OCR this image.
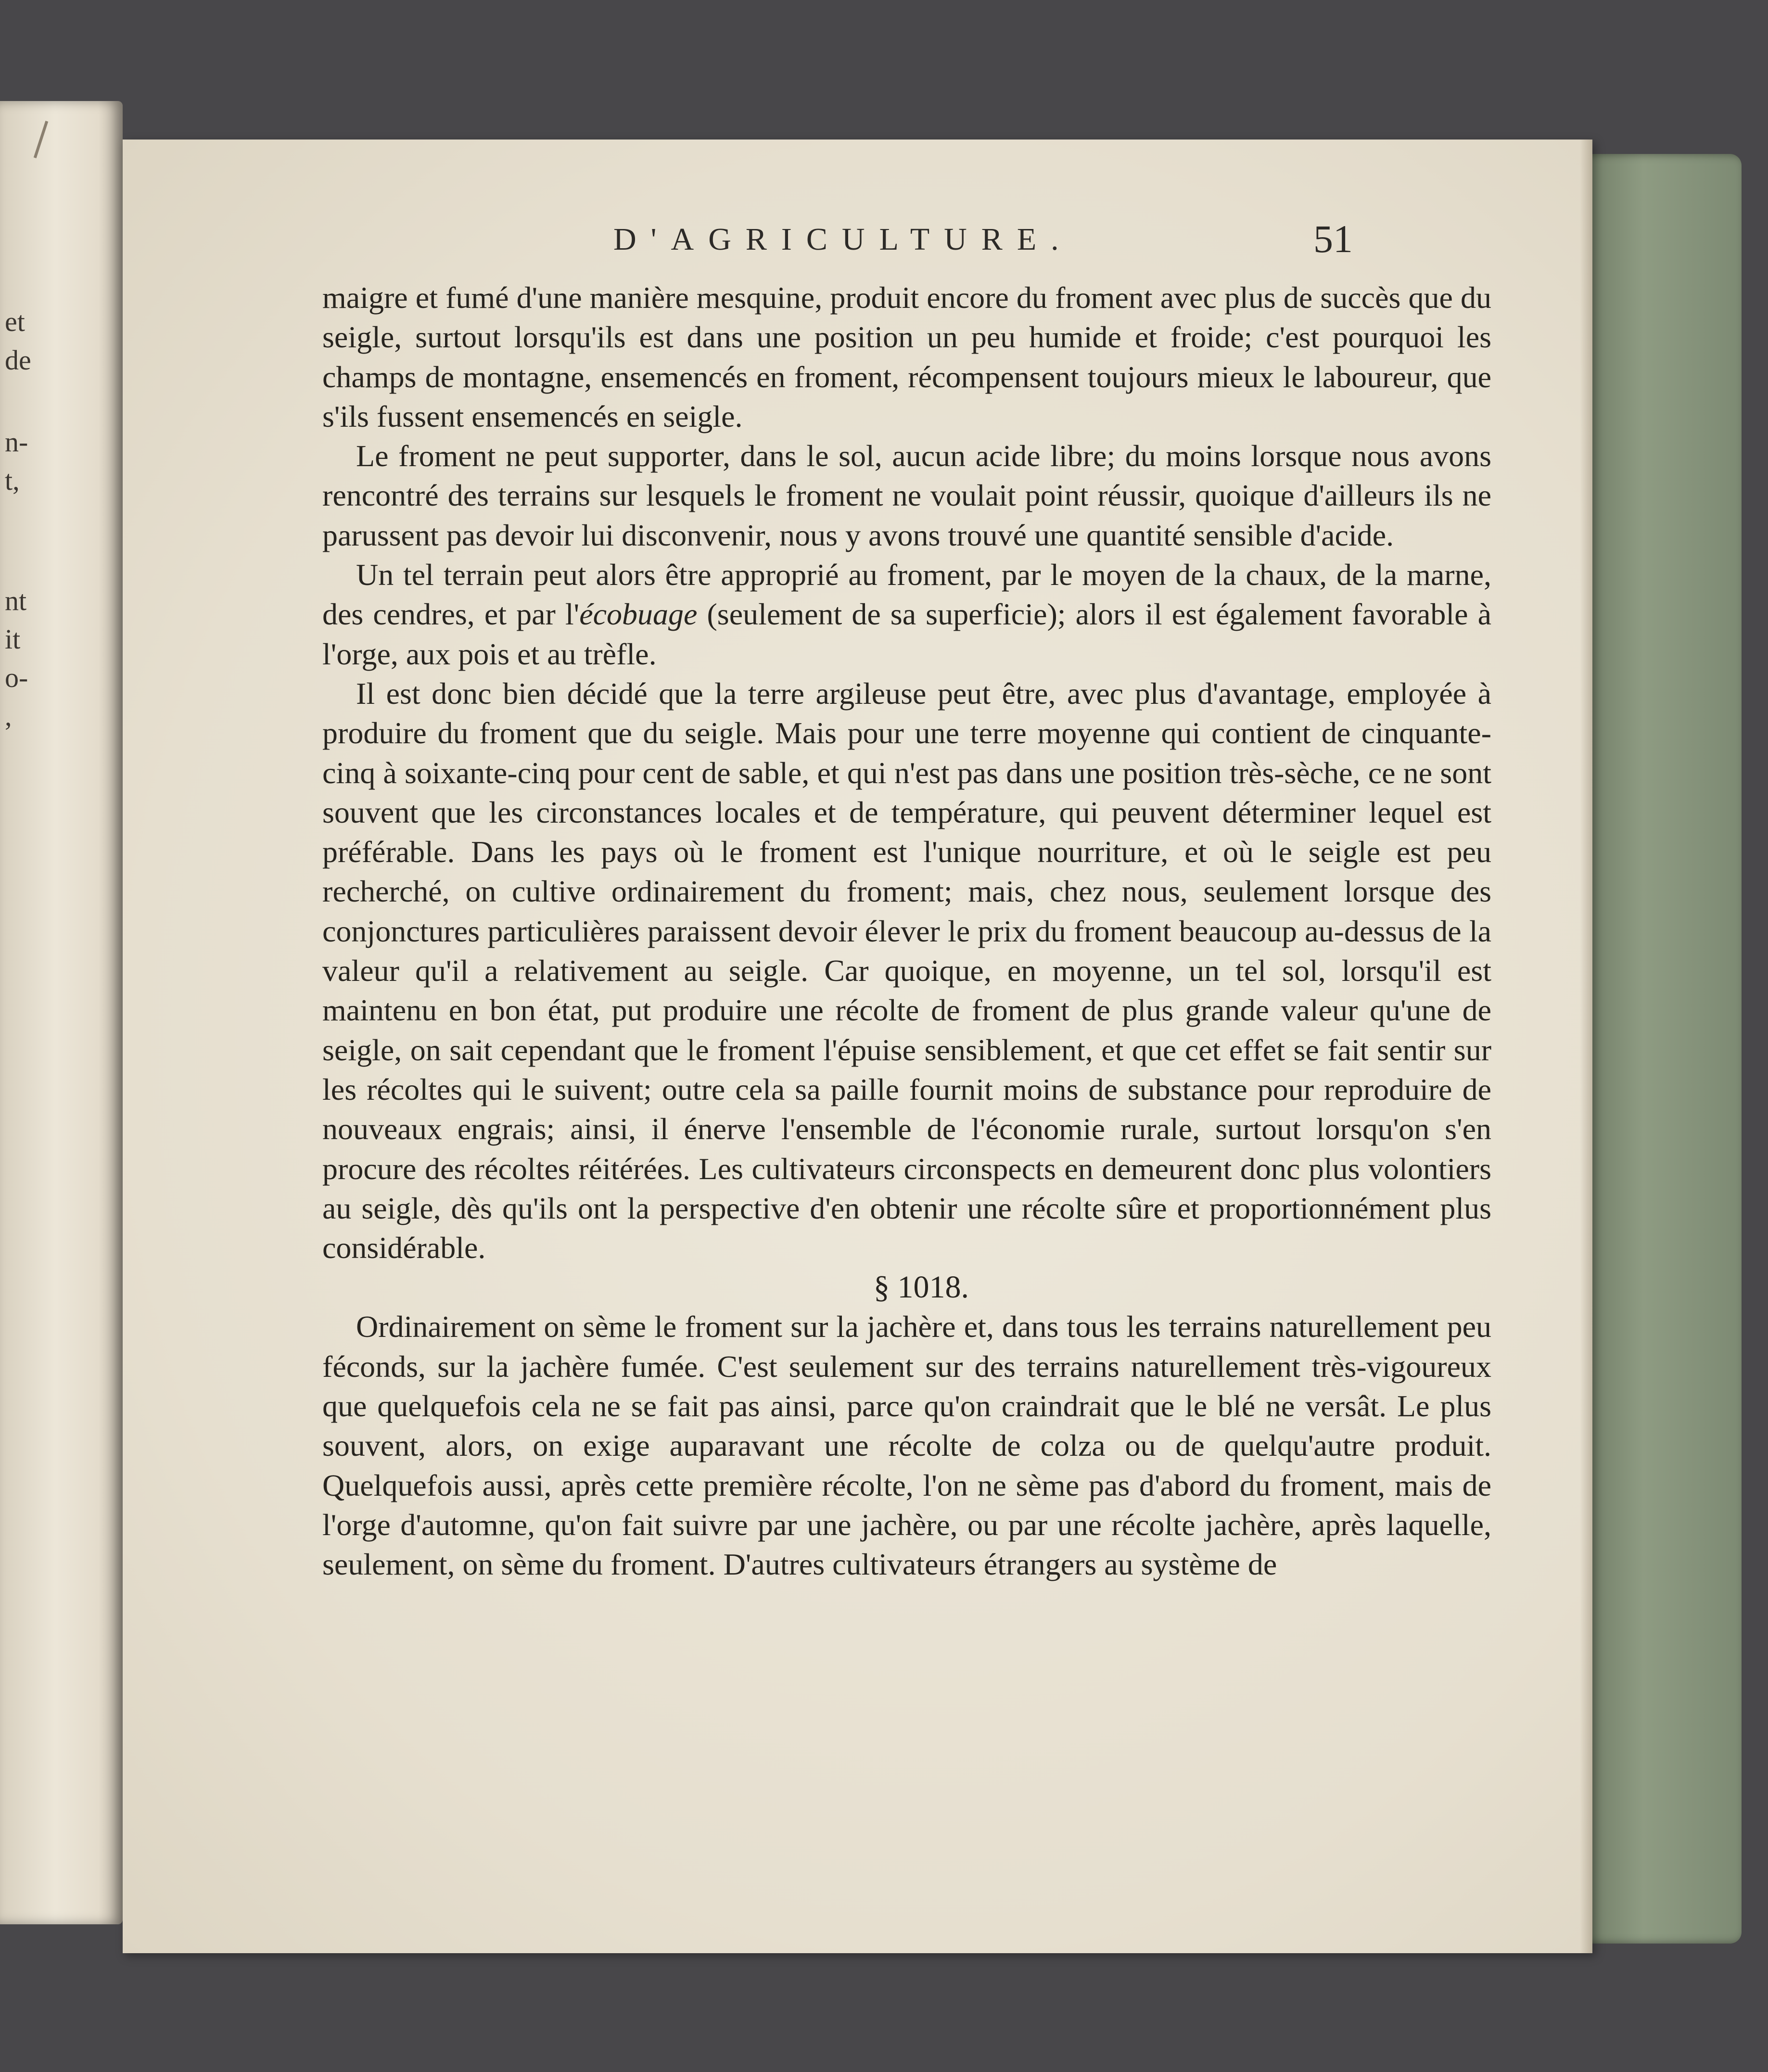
et
de
n-
t,
nt
it
o-
,
D'AGRICULTURE.	51

maigre et fumé d'une manière mesquine, produit encore du froment avec plus de succès que du seigle, surtout lorsqu'ils est dans une position un peu humide et froide; c'est pourquoi les champs de montagne, ensemencés en froment, récompensent toujours mieux le laboureur, que s'ils fussent ensemencés en seigle.

Le froment ne peut supporter, dans le sol, aucun acide libre; du moins lorsque nous avons rencontré des terrains sur lesquels le froment ne voulait point réussir, quoique d'ailleurs ils ne parussent pas devoir lui disconvenir, nous y avons trouvé une quantité sensible d'acide.

Un tel terrain peut alors être approprié au froment, par le moyen de la chaux, de la marne, des cendres, et par l'écobuage (seulement de sa superficie); alors il est également favorable à l'orge, aux pois et au trèfle.

Il est donc bien décidé que la terre argileuse peut être, avec plus d'avantage, employée à produire du froment que du seigle. Mais pour une terre moyenne qui contient de cinquante-cinq à soixante-cinq pour cent de sable, et qui n'est pas dans une position très-sèche, ce ne sont souvent que les circonstances locales et de température, qui peuvent déterminer lequel est préférable. Dans les pays où le froment est l'unique nourriture, et où le seigle est peu recherché, on cultive ordinairement du froment; mais, chez nous, seulement lorsque des conjonctures particulières paraissent devoir élever le prix du froment beaucoup au-dessus de la valeur qu'il a relativement au seigle. Car quoique, en moyenne, un tel sol, lorsqu'il est maintenu en bon état, put produire une récolte de froment de plus grande valeur qu'une de seigle, on sait cependant que le froment l'épuise sensiblement, et que cet effet se fait sentir sur les récoltes qui le suivent; outre cela sa paille fournit moins de substance pour reproduire de nouveaux engrais; ainsi, il énerve l'ensemble de l'économie rurale, surtout lorsqu'on s'en procure des récoltes réitérées. Les cultivateurs circonspects en demeurent donc plus volontiers au seigle, dès qu'ils ont la perspective d'en obtenir une récolte sûre et proportionnément plus considérable.

§ 1018.

Ordinairement on sème le froment sur la jachère et, dans tous les terrains naturellement peu féconds, sur la jachère fumée. C'est seulement sur des terrains naturellement très-vigoureux que quelquefois cela ne se fait pas ainsi, parce qu'on craindrait que le blé ne versât. Le plus souvent, alors, on exige auparavant une récolte de colza ou de quelqu'autre produit. Quelquefois aussi, après cette première récolte, l'on ne sème pas d'abord du froment, mais de l'orge d'automne, qu'on fait suivre par une jachère, ou par une récolte jachère, après laquelle, seulement, on sème du froment. D'autres cultivateurs étrangers au système de
